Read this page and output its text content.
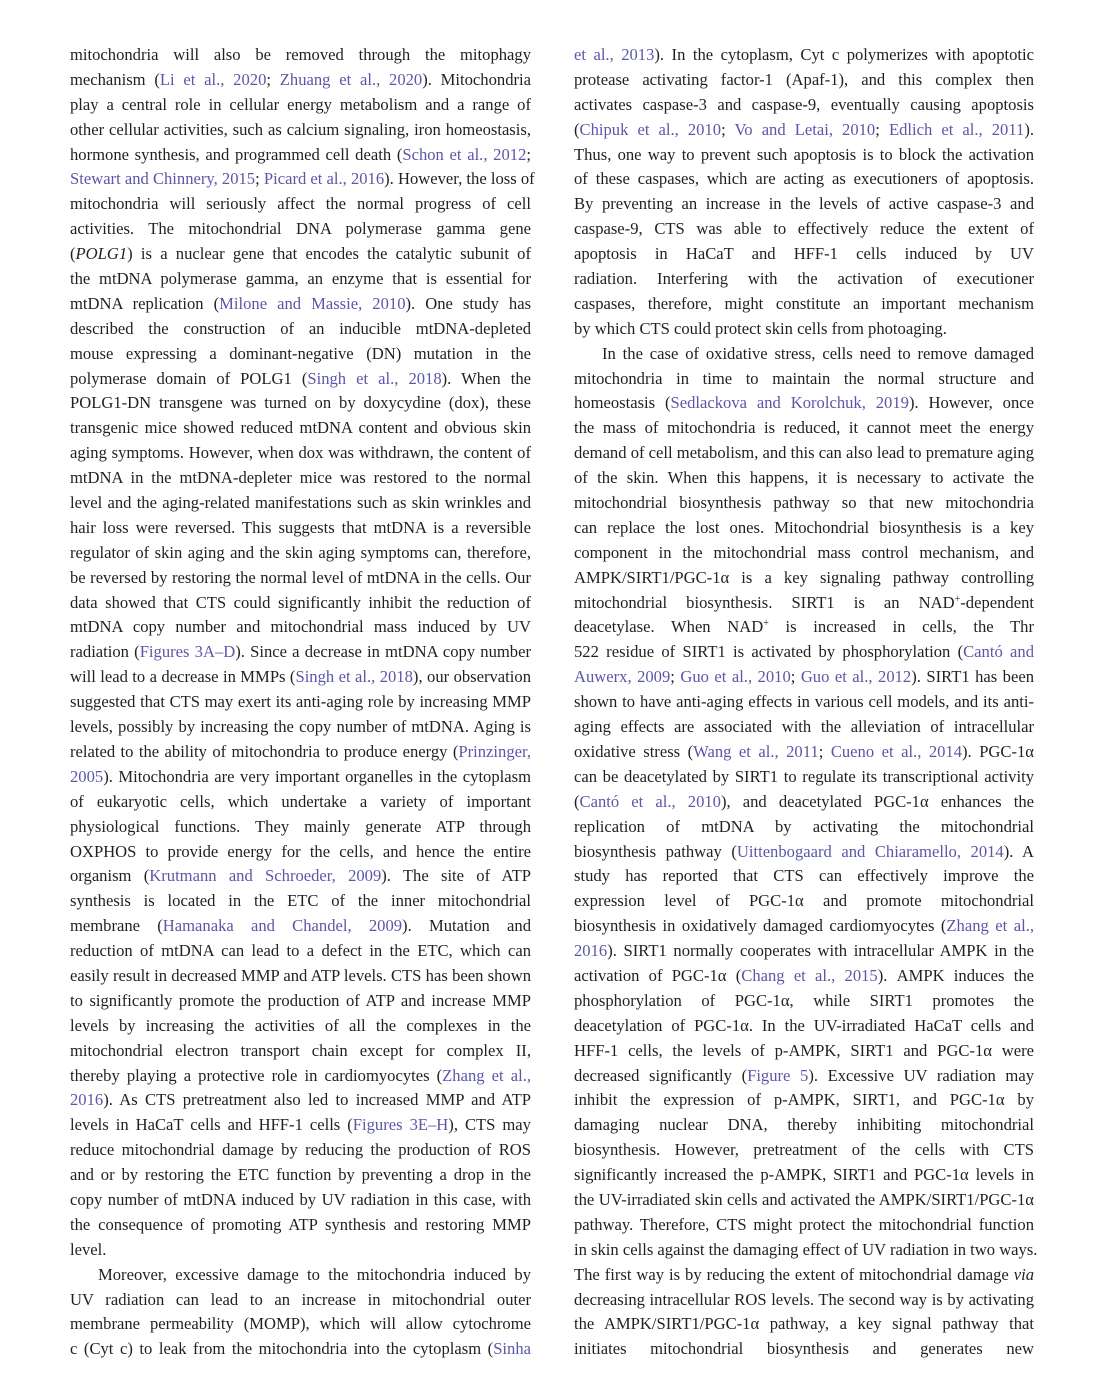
mitochondria will also be removed through the mitophagy
mechanism (Li et al., 2020; Zhuang et al., 2020). Mitochondria
play a central role in cellular energy metabolism and a range of
other cellular activities, such as calcium signaling, iron homeostasis,
hormone synthesis, and programmed cell death (Schon et al., 2012;
Stewart and Chinnery, 2015; Picard et al., 2016). However, the loss of
mitochondria will seriously affect the normal progress of cell
activities. The mitochondrial DNA polymerase gamma gene
(POLG1) is a nuclear gene that encodes the catalytic subunit of
the mtDNA polymerase gamma, an enzyme that is essential for
mtDNA replication (Milone and Massie, 2010). One study has
described the construction of an inducible mtDNA-depleted
mouse expressing a dominant-negative (DN) mutation in the
polymerase domain of POLG1 (Singh et al., 2018). When the
POLG1-DN transgene was turned on by doxycydine (dox), these
transgenic mice showed reduced mtDNA content and obvious skin
aging symptoms. However, when dox was withdrawn, the content of
mtDNA in the mtDNA-depleter mice was restored to the normal
level and the aging-related manifestations such as skin wrinkles and
hair loss were reversed. This suggests that mtDNA is a reversible
regulator of skin aging and the skin aging symptoms can, therefore,
be reversed by restoring the normal level of mtDNA in the cells. Our
data showed that CTS could significantly inhibit the reduction of
mtDNA copy number and mitochondrial mass induced by UV
radiation (Figures 3A–D). Since a decrease in mtDNA copy number
will lead to a decrease in MMPs (Singh et al., 2018), our observation
suggested that CTS may exert its anti-aging role by increasing MMP
levels, possibly by increasing the copy number of mtDNA. Aging is
related to the ability of mitochondria to produce energy (Prinzinger,
2005). Mitochondria are very important organelles in the cytoplasm
of eukaryotic cells, which undertake a variety of important
physiological functions. They mainly generate ATP through
OXPHOS to provide energy for the cells, and hence the entire
organism (Krutmann and Schroeder, 2009). The site of ATP
synthesis is located in the ETC of the inner mitochondrial
membrane (Hamanaka and Chandel, 2009). Mutation and
reduction of mtDNA can lead to a defect in the ETC, which can
easily result in decreased MMP and ATP levels. CTS has been shown
to significantly promote the production of ATP and increase MMP
levels by increasing the activities of all the complexes in the
mitochondrial electron transport chain except for complex II,
thereby playing a protective role in cardiomyocytes (Zhang et al.,
2016). As CTS pretreatment also led to increased MMP and ATP
levels in HaCaT cells and HFF-1 cells (Figures 3E–H), CTS may
reduce mitochondrial damage by reducing the production of ROS
and or by restoring the ETC function by preventing a drop in the
copy number of mtDNA induced by UV radiation in this case, with
the consequence of promoting ATP synthesis and restoring MMP
level.
Moreover, excessive damage to the mitochondria induced by
UV radiation can lead to an increase in mitochondrial outer
membrane permeability (MOMP), which will allow cytochrome
c (Cyt c) to leak from the mitochondria into the cytoplasm (Sinha
et al., 2013). In the cytoplasm, Cyt c polymerizes with apoptotic
protease activating factor-1 (Apaf-1), and this complex then
activates caspase-3 and caspase-9, eventually causing apoptosis
(Chipuk et al., 2010; Vo and Letai, 2010; Edlich et al., 2011).
Thus, one way to prevent such apoptosis is to block the activation
of these caspases, which are acting as executioners of apoptosis.
By preventing an increase in the levels of active caspase-3 and
caspase-9, CTS was able to effectively reduce the extent of
apoptosis in HaCaT and HFF-1 cells induced by UV
radiation. Interfering with the activation of executioner
caspases, therefore, might constitute an important mechanism
by which CTS could protect skin cells from photoaging.
In the case of oxidative stress, cells need to remove damaged
mitochondria in time to maintain the normal structure and
homeostasis (Sedlackova and Korolchuk, 2019). However, once
the mass of mitochondria is reduced, it cannot meet the energy
demand of cell metabolism, and this can also lead to premature aging
of the skin. When this happens, it is necessary to activate the
mitochondrial biosynthesis pathway so that new mitochondria
can replace the lost ones. Mitochondrial biosynthesis is a key
component in the mitochondrial mass control mechanism, and
AMPK/SIRT1/PGC-1α is a key signaling pathway controlling
mitochondrial biosynthesis. SIRT1 is an NAD+-dependent
deacetylase. When NAD+ is increased in cells, the Thr
522 residue of SIRT1 is activated by phosphorylation (Cantó and
Auwerx, 2009; Guo et al., 2010; Guo et al., 2012). SIRT1 has been
shown to have anti-aging effects in various cell models, and its anti-
aging effects are associated with the alleviation of intracellular
oxidative stress (Wang et al., 2011; Cueno et al., 2014). PGC-1α
can be deacetylated by SIRT1 to regulate its transcriptional activity
(Cantó et al., 2010), and deacetylated PGC-1α enhances the
replication of mtDNA by activating the mitochondrial
biosynthesis pathway (Uittenbogaard and Chiaramello, 2014). A
study has reported that CTS can effectively improve the
expression level of PGC-1α and promote mitochondrial
biosynthesis in oxidatively damaged cardiomyocytes (Zhang et al.,
2016). SIRT1 normally cooperates with intracellular AMPK in the
activation of PGC-1α (Chang et al., 2015). AMPK induces the
phosphorylation of PGC-1α, while SIRT1 promotes the
deacetylation of PGC-1α. In the UV-irradiated HaCaT cells and
HFF-1 cells, the levels of p-AMPK, SIRT1 and PGC-1α were
decreased significantly (Figure 5). Excessive UV radiation may
inhibit the expression of p-AMPK, SIRT1, and PGC-1α by
damaging nuclear DNA, thereby inhibiting mitochondrial
biosynthesis. However, pretreatment of the cells with CTS
significantly increased the p-AMPK, SIRT1 and PGC-1α levels in
the UV-irradiated skin cells and activated the AMPK/SIRT1/PGC-1α
pathway. Therefore, CTS might protect the mitochondrial function
in skin cells against the damaging effect of UV radiation in two ways.
The first way is by reducing the extent of mitochondrial damage via
decreasing intracellular ROS levels. The second way is by activating
the AMPK/SIRT1/PGC-1α pathway, a key signal pathway that
initiates mitochondrial biosynthesis and generates new
